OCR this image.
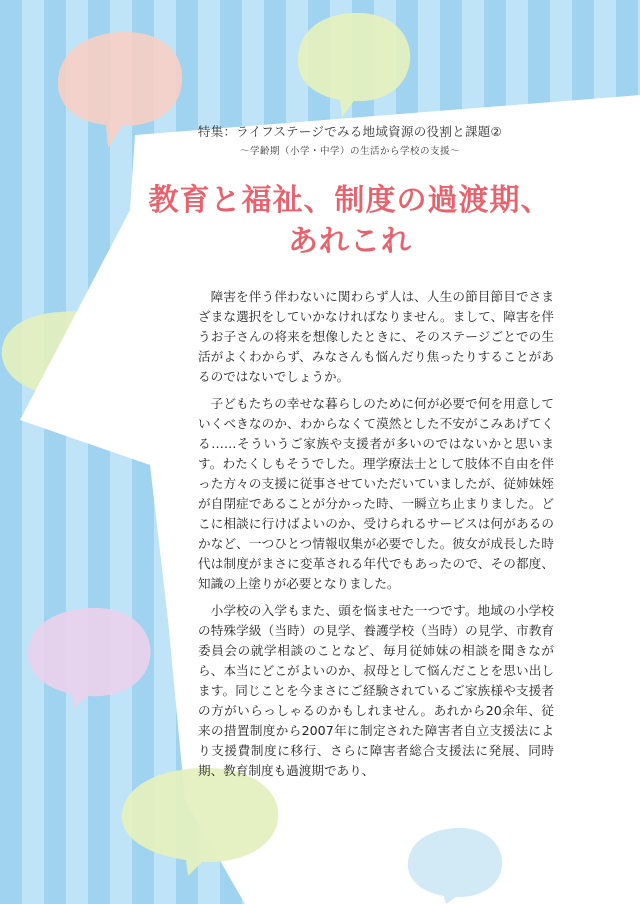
特集：ライフステージでみる地域資源の役割と課題②
〜学齢期（小学・中学）の生活から学校の支援〜
教育と福祉、制度の過渡期、
あれこれ

障害を伴う伴わないに関わらず人は、人生の節目節目でさまざまな選択をしていかなければなりません。まして、障害を伴うお子さんの将来を想像したときに、そのステージごとでの生活がよくわからず、みなさんも悩んだり焦ったりすることがあるのではないでしょうか。

子どもたちの幸せな暮らしのために何が必要で何を用意していくべきなのか、わからなくて漠然とした不安がこみあげてくる……そういうご家族や支援者が多いのではないかと思います。わたくしもそうでした。理学療法士として肢体不自由を伴った方々の支援に従事させていただいていましたが、従姉妹姪が自閉症であることが分かった時、一瞬立ち止まりました。どこに相談に行けばよいのか、受けられるサービスは何があるのかなど、一つひとつ情報収集が必要でした。彼女が成長した時代は制度がまさに変革される年代でもあったので、その都度、知識の上塗りが必要となりました。

小学校の入学もまた、頭を悩ませた一つです。地域の小学校の特殊学級（当時）の見学、養護学校（当時）の見学、市教育委員会の就学相談のことなど、毎月従姉妹の相談を聞きながら、本当にどこがよいのか、叔母として悩んだことを思い出します。同じことを今まさにご経験されているご家族様や支援者の方がいらっしゃるのかもしれません。あれから20余年、従来の措置制度から2007年に制定された障害者自立支援法により支援費制度に移行、さらに障害者総合支援法に発展、同時期、教育制度も過渡期であり、
